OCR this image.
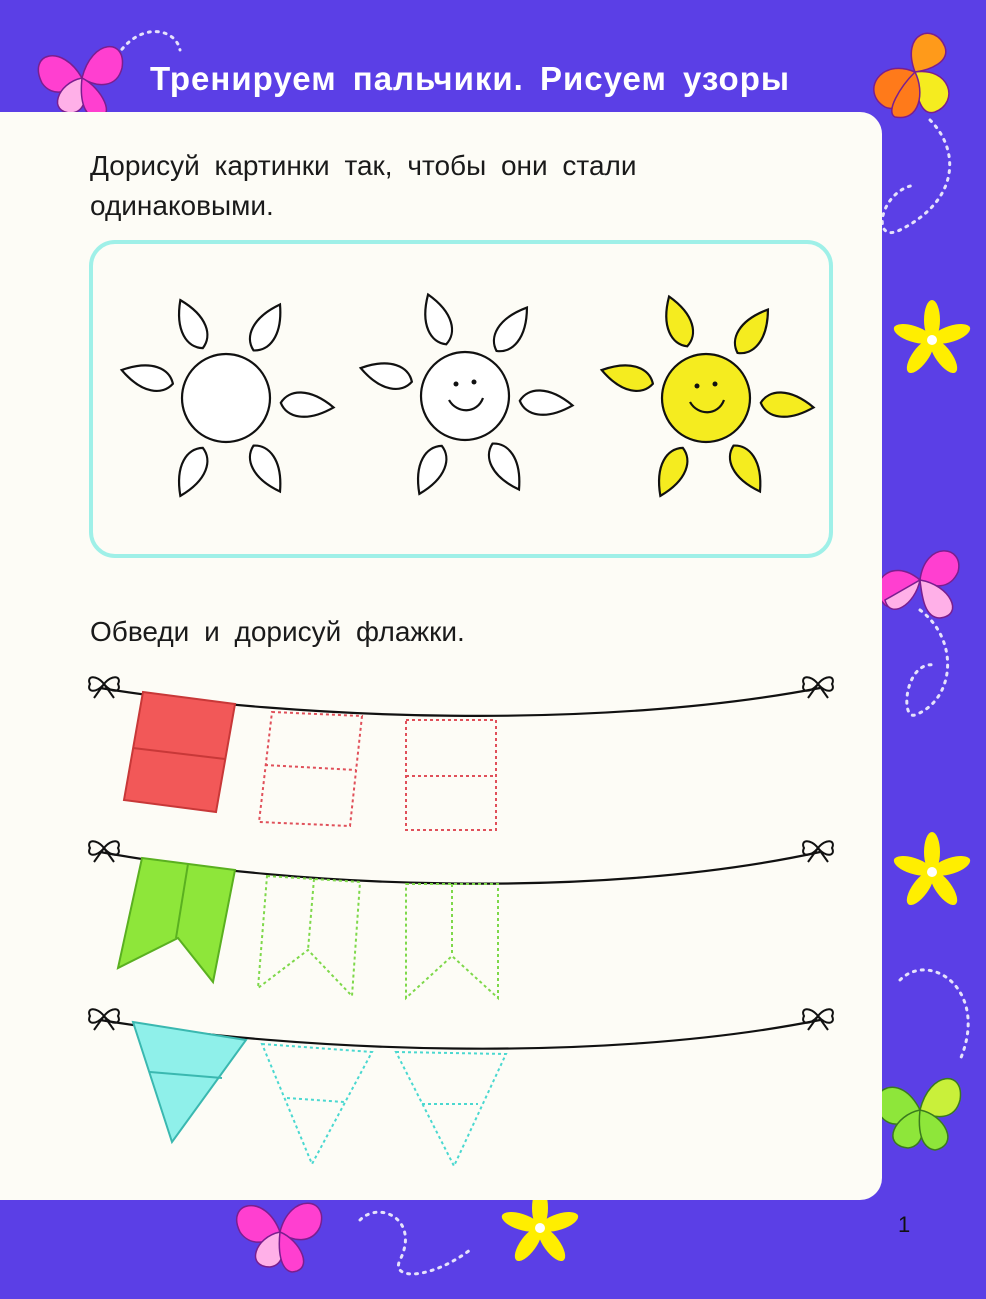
Тренируем пальчики. Рисуем узоры
Дорисуй картинки так, чтобы они стали одинаковыми.
Обведи и дорисуй флажки.
1
